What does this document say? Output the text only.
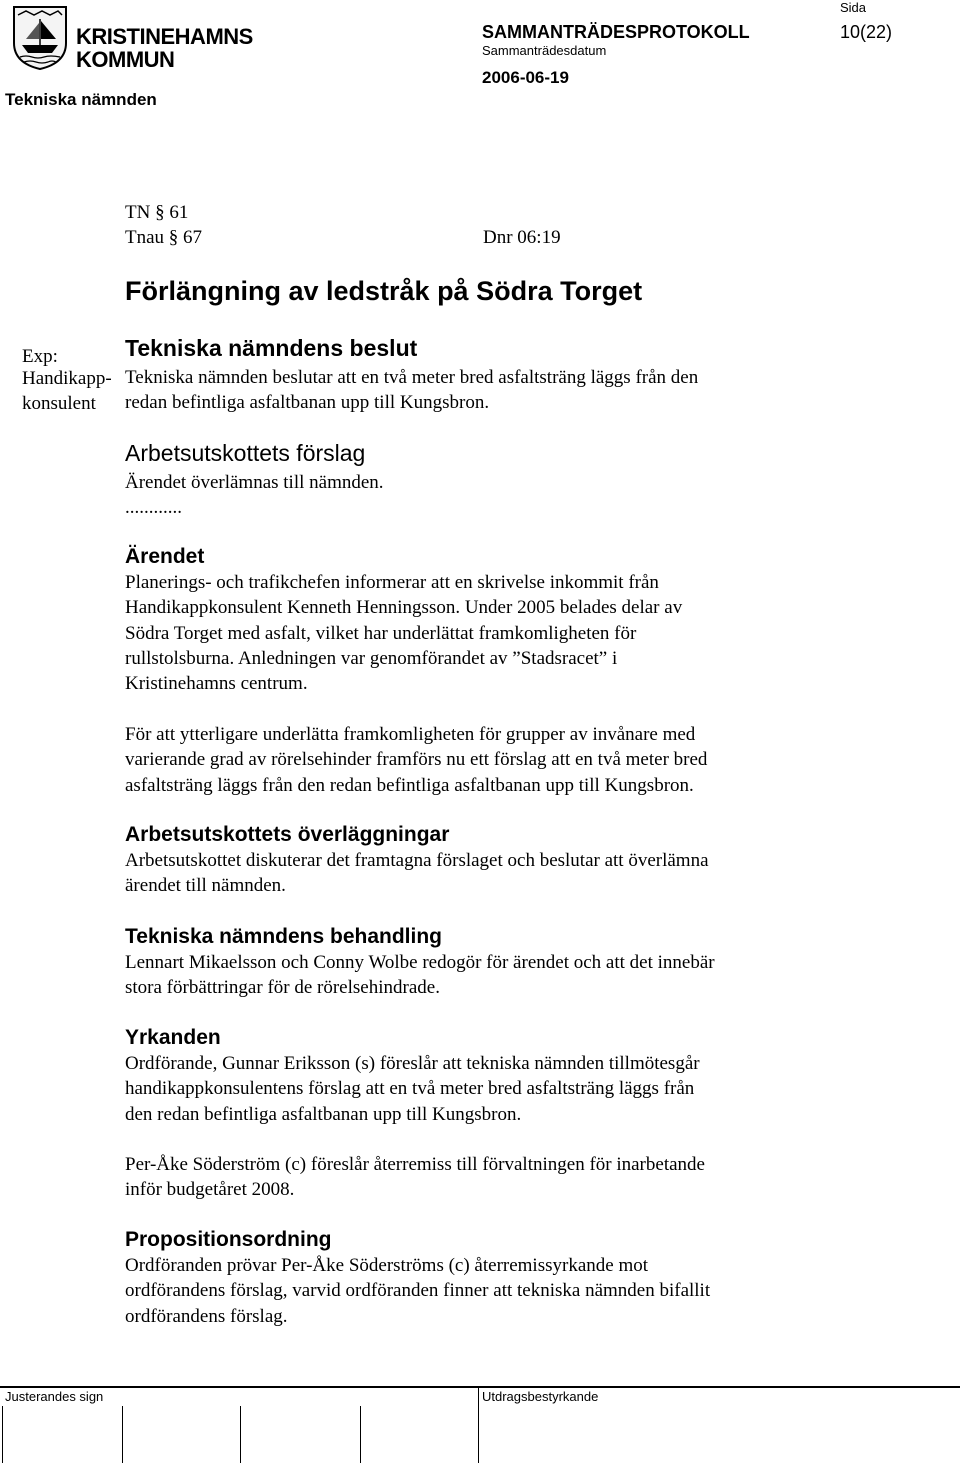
KRISTINEHAMNS
KOMMUN
Tekniska nämnden
SAMMANTRÄDESPROTOKOLL
Sammanträdesdatum
2006-06-19
Sida
10(22)
TN § 61
Tnau § 67	Dnr 06:19
Förlängning av ledstråk på Södra Torget
Exp:
Handikapp-
konsulent
Tekniska nämndens beslut

Tekniska nämnden beslutar att en två meter bred asfaltsträng läggs från den
redan befintliga asfaltbanan upp till Kungsbron.

Arbetsutskottets förslag

Ärendet överlämnas till nämnden.

............

Ärendet

Planerings- och trafikchefen informerar att en skrivelse inkommit från
Handikappkonsulent Kenneth Henningsson. Under 2005 belades delar av
Södra Torget med asfalt, vilket har underlättat framkomligheten för
rullstolsburna. Anledningen var genomförandet av ”Stadsracet” i
Kristinehamns centrum.

För att ytterligare underlätta framkomligheten för grupper av invånare med
varierande grad av rörelsehinder framförs nu ett förslag att en två meter bred
asfaltsträng läggs från den redan befintliga asfaltbanan upp till Kungsbron.

Arbetsutskottets överläggningar

Arbetsutskottet diskuterar det framtagna förslaget och beslutar att överlämna
ärendet till nämnden.

Tekniska nämndens behandling

Lennart Mikaelsson och Conny Wolbe redogör för ärendet och att det innebär
stora förbättringar för de rörelsehindrade.

Yrkanden

Ordförande, Gunnar Eriksson (s) föreslår att tekniska nämnden tillmötesgår
handikappkonsulentens förslag att en två meter bred asfaltsträng läggs från
den redan befintliga asfaltbanan upp till Kungsbron.

Per-Åke Söderström (c) föreslår återremiss till förvaltningen för inarbetande
inför budgetåret 2008.

Propositionsordning

Ordföranden prövar Per-Åke Söderströms (c) återremissyrkande mot
ordförandens förslag, varvid ordföranden finner att tekniska nämnden bifallit
ordförandens förslag.

Justerandes sign	Utdragsbestyrkande
